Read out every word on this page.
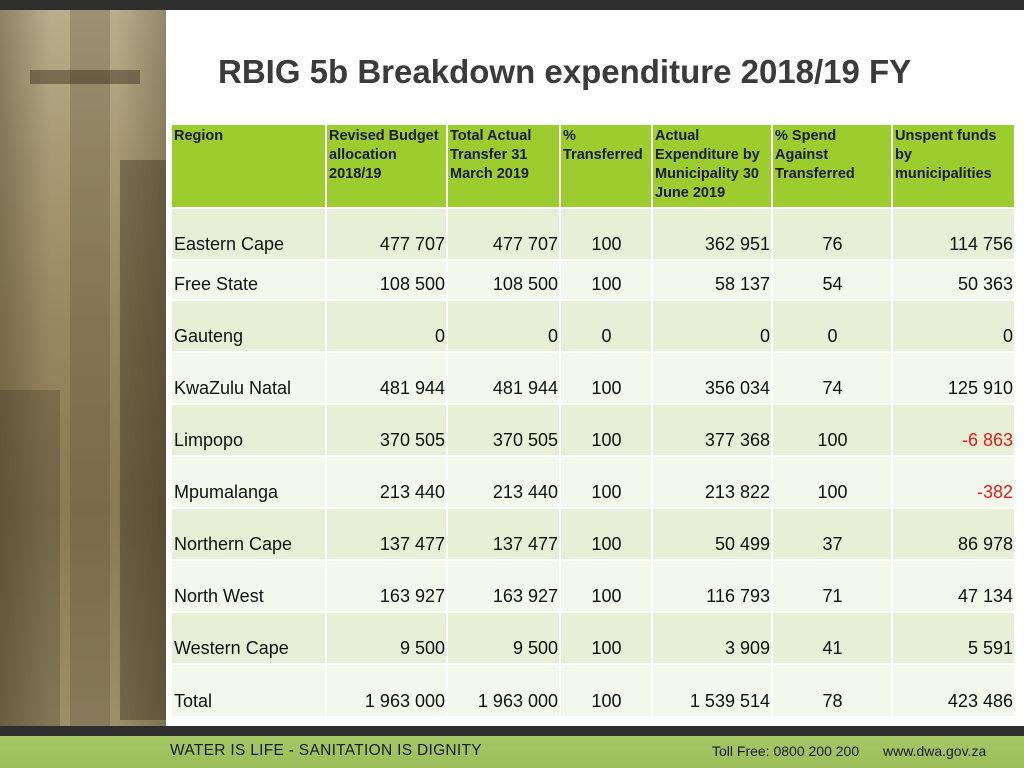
RBIG 5b Breakdown expenditure 2018/19 FY
Region	Revised Budget allocation 2018/19	Total Actual Transfer 31 March 2019	% Transferred	Actual Expenditure by Municipality 30 June 2019	% Spend Against Transferred	Unspent funds by municipalities
Eastern Cape	477 707	477 707	100	362 951	76	114 756
Free State	108 500	108 500	100	58 137	54	50 363
Gauteng	0	0	0	0	0	0
KwaZulu Natal	481 944	481 944	100	356 034	74	125 910
Limpopo	370 505	370 505	100	377 368	100	-6 863
Mpumalanga	213 440	213 440	100	213 822	100	-382
Northern Cape	137 477	137 477	100	50 499	37	86 978
North West	163 927	163 927	100	116 793	71	47 134
Western Cape	9 500	9 500	100	3 909	41	5 591
Total	1 963 000	1 963 000	100	1 539 514	78	423 486
WATER IS LIFE - SANITATION IS DIGNITY	Toll Free: 0800 200 200 www.dwa.gov.za
